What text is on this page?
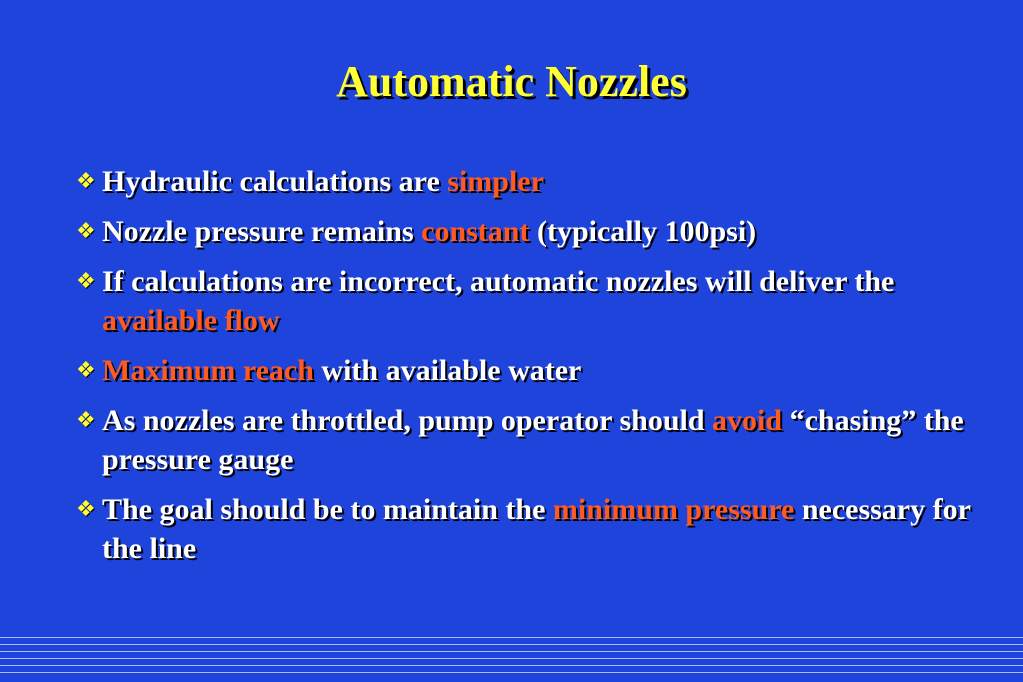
Automatic Nozzles
❖ Hydraulic calculations are simpler
❖ Nozzle pressure remains constant (typically 100psi)
❖ If calculations are incorrect, automatic nozzles will deliver the available flow
❖ Maximum reach with available water
❖ As nozzles are throttled, pump operator should avoid “chasing” the pressure gauge
❖ The goal should be to maintain the minimum pressure necessary for the line
